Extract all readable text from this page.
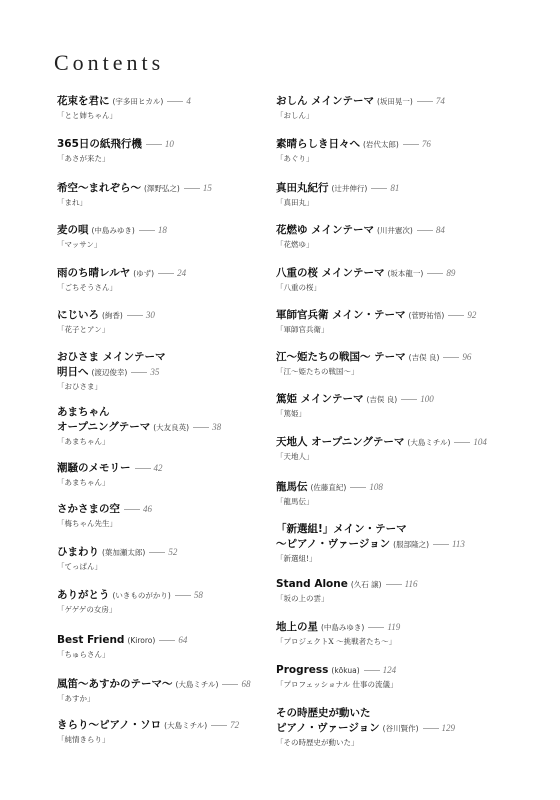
Contents
花束を君に (宇多田ヒカル)	4
「とと姉ちゃん」
365日の紙飛行機	10
「あさが来た」
希空〜まれぞら〜 (澤野弘之)	15
「まれ」
麦の唄 (中島みゆき)	18
「マッサン」
雨のち晴レルヤ (ゆず)	24
「ごちそうさん」
にじいろ (絢香)	30
「花子とアン」
おひさま メインテーマ
明日へ (渡辺俊幸)	35
「おひさま」
あまちゃん
オープニングテーマ (大友良英)	38
「あまちゃん」
潮騒のメモリー	42
「あまちゃん」
さかさまの空	46
「梅ちゃん先生」
ひまわり (葉加瀬太郎)	52
「てっぱん」
ありがとう (いきものがかり)	58
「ゲゲゲの女房」
Best Friend (Kiroro)	64
「ちゅらさん」
風笛〜あすかのテーマ〜 (大島ミチル)	68
「あすか」
きらり〜ピアノ・ソロ (大島ミチル)	72
「純情きらり」
おしん メインテーマ (坂田晃一)	74
「おしん」
素晴らしき日々へ (岩代太郎)	76
「あぐり」
真田丸紀行 (辻井伸行)	81
「真田丸」
花燃ゆ メインテーマ (川井憲次)	84
「花燃ゆ」
八重の桜 メインテーマ (坂本龍一)	89
「八重の桜」
軍師官兵衛 メイン・テーマ (菅野祐悟)	92
「軍師官兵衛」
江〜姫たちの戦国〜 テーマ (吉俣 良)	96
「江〜姫たちの戦国〜」
篤姫 メインテーマ (吉俣 良)	100
「篤姫」
天地人 オープニングテーマ (大島ミチル)	104
「天地人」
龍馬伝 (佐藤直紀)	108
「龍馬伝」
「新選組!」メイン・テーマ
〜ピアノ・ヴァージョン (服部隆之)	113
「新選組!」
Stand Alone (久石 譲)	116
「坂の上の雲」
地上の星 (中島みゆき)	119
「プロジェクトX 〜挑戦者たち〜」
Progress (kōkua)	124
「プロフェッショナル 仕事の流儀」
その時歴史が動いた
ピアノ・ヴァージョン (谷川賢作)	129
「その時歴史が動いた」
